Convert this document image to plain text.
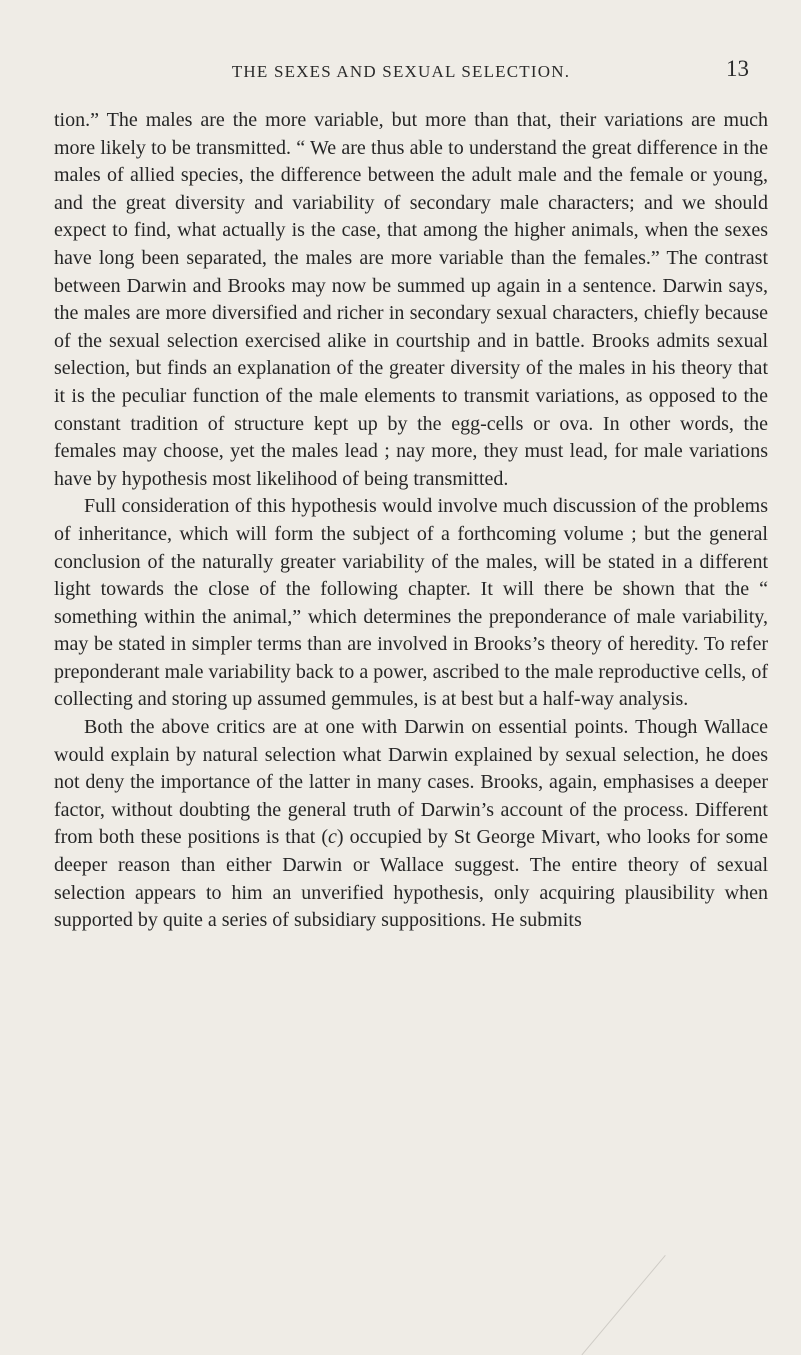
THE SEXES AND SEXUAL SELECTION.	13

tion.” The males are the more variable, but more than that, their variations are much more likely to be transmitted. “ We are thus able to understand the great difference in the males of allied species, the difference between the adult male and the female or young, and the great diversity and variability of secondary male characters; and we should expect to find, what actually is the case, that among the higher animals, when the sexes have long been separated, the males are more variable than the females.” The contrast between Darwin and Brooks may now be summed up again in a sentence. Darwin says, the males are more diversified and richer in secondary sexual characters, chiefly because of the sexual selection exercised alike in courtship and in battle. Brooks admits sexual selection, but finds an explanation of the greater diversity of the males in his theory that it is the peculiar function of the male elements to transmit variations, as opposed to the constant tradition of structure kept up by the egg-cells or ova. In other words, the females may choose, yet the males lead ; nay more, they must lead, for male variations have by hypothesis most likelihood of being transmitted.

Full consideration of this hypothesis would involve much discussion of the problems of inheritance, which will form the subject of a forthcoming volume ; but the general conclusion of the naturally greater variability of the males, will be stated in a different light towards the close of the following chapter. It will there be shown that the “ something within the animal,” which determines the preponderance of male variability, may be stated in simpler terms than are involved in Brooks’s theory of heredity. To refer preponderant male variability back to a power, ascribed to the male reproductive cells, of collecting and storing up assumed gemmules, is at best but a half-way analysis.

Both the above critics are at one with Darwin on essential points. Though Wallace would explain by natural selection what Darwin explained by sexual selection, he does not deny the importance of the latter in many cases. Brooks, again, emphasises a deeper factor, without doubting the general truth of Darwin’s account of the process. Different from both these positions is that (c) occupied by St George Mivart, who looks for some deeper reason than either Darwin or Wallace suggest. The entire theory of sexual selection appears to him an unverified hypothesis, only acquiring plausibility when supported by quite a series of subsidiary suppositions. He submits
